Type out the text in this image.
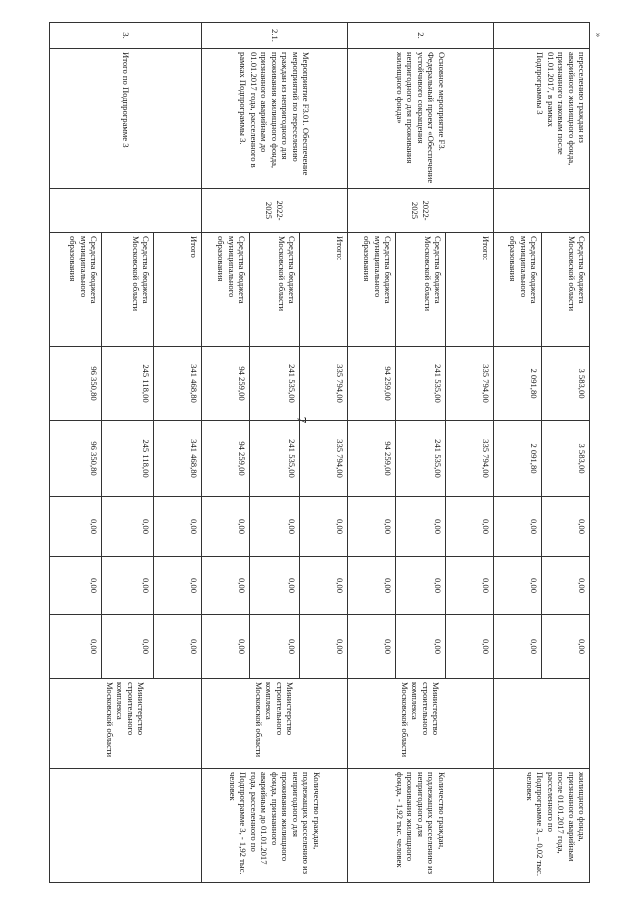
7
»
	переселению граждан из аварийного жилищного фонда, признанного таковым после 01.01.2017, в рамках Подпрограммы 3		Средства бюджета Московской области	3 583,00	3 583,00	0,00	0,00	0,00		жилищного фонда, признанного аварийным после 01.01.2017 года, расселенного по Подпрограмме 3, – 0,02 тыс. человек
			Средства бюджета муниципального образования	2 091,80	2 091,80	0,00	0,00	0,00		
2.	Основное мероприятие F3. Федеральный проект «Обеспечение устойчивого сокращения непригодного для проживания жилищного фонда»	2022-2025	Итого:	335 794,00	335 794,00	0,00	0,00	0,00	Министерство строительного комплекса Московской области	Количество граждан, подлежащих расселению из непригодного для проживания жилищного фонда, - 1,92 тыс. человек
			Средства бюджета Московской области	241 535,00	241 535,00	0,00	0,00	0,00		
			Средства бюджета муниципального образования	94 259,00	94 259,00	0,00	0,00	0,00		
2.1.	Мероприятие F3.01. Обеспечение мероприятий по переселению граждан из непригодного для проживания жилищного фонда, признанного аварийным до 01.01.2017 года, расселенного в рамках Подпрограммы 3.	2022-2025	Итого:	335 794,00	335 794,00	0,00	0,00	0,00	Министерство строительного комплекса Московской области	Количество граждан, подлежащих расселению из непригодного для проживания жилищного фонда, признанного аварийным до 01.01.2017 года, расселенного по Подпрограмме 3, - 1,92 тыс. человек
			Средства бюджета Московской области	241 535,00	241 535,00	0,00	0,00	0,00		
			Средства бюджета муниципального образования	94 259,00	94 259,00	0,00	0,00	0,00		
3.	Итого по Подпрограмме 3		Итого	341 468,80	341 468,80	0,00	0,00	0,00	Министерство строительного комплекса Московской области	
			Средства бюджета Московской области	245 118,00	245 118,00	0,00	0,00	0,00		
			Средства бюджета муниципального образования	96 350,80	96 350,80	0,00	0,00	0,00		
